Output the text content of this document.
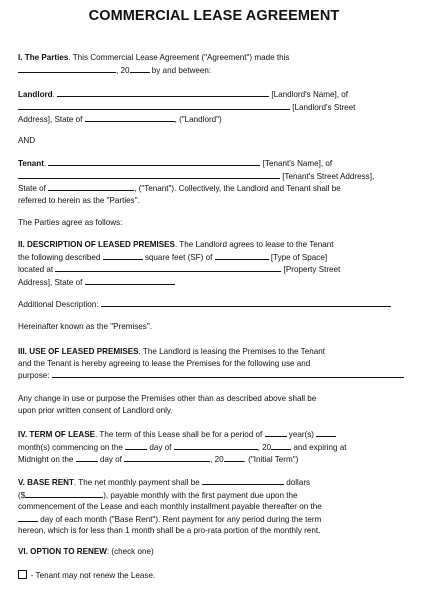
COMMERCIAL LEASE AGREEMENT

I. The Parties. This Commercial Lease Agreement ("Agreement") made this
, 20 by and between:

Landlord.	[Landlord's Name], of
[Landlord's Street
Address], State of	, ("Landlord")

AND

Tenant.	[Tenant's Name], of
[Tenant's Street Address],
State of	, ("Tenant"). Collectively, the Landlord and Tenant shall be
referred to herein as the "Parties".

The Parties agree as follows:

II. DESCRIPTION OF LEASED PREMISES. The Landlord agrees to lease to the Tenant
the following described	square feet (SF) of	[Type of Space]
located at	[Property Street
Address], State of

Additional Description:

Hereinafter known as the "Premises".

III. USE OF LEASED PREMISES. The Landlord is leasing the Premises to the Tenant
and the Tenant is hereby agreeing to lease the Premises for the following use and
purpose:

Any change in use or purpose the Premises other than as described above shall be
upon prior written consent of Landlord only.

IV. TERM OF LEASE. The term of this Lease shall be for a period of	year(s)
month(s) commencing on the	day of	, 20 and expiring at
Midnight on the	day of	, 20 . ("Initial Term")

V. BASE RENT. The net monthly payment shall be	dollars
($	), payable monthly with the first payment due upon the
commencement of the Lease and each monthly installment payable thereafter on the
day of each month ("Base Rent"). Rent payment for any period during the term
hereon, which is for less than 1 month shall be a pro-rata portion of the monthly rent.

VI. OPTION TO RENEW: (check one)

- Tenant may not renew the Lease.
